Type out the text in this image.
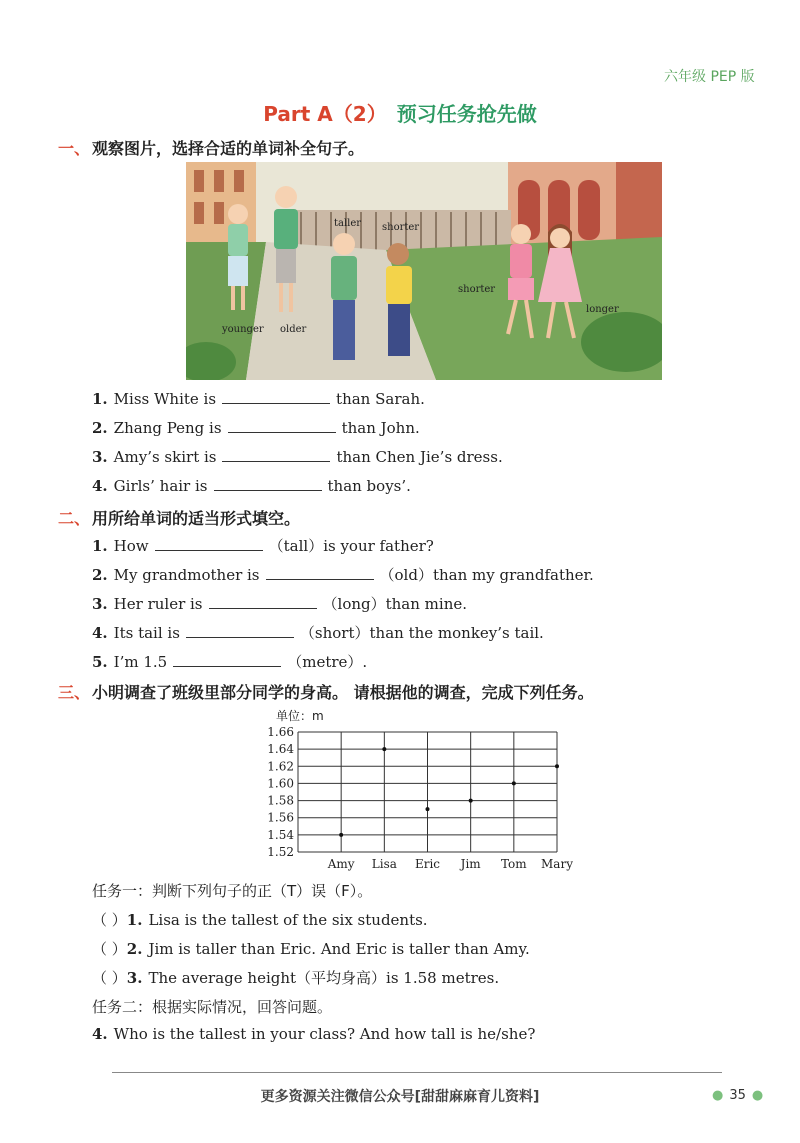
六年级 PEP 版
Part A（2） 预习任务抢先做
一、 观察图片，选择合适的单词补全句子。
taller shorter
shorter
longer
younger older
1. Miss White is	than Sarah.
2. Zhang Peng is	than John.
3. Amy’s skirt is	than Chen Jie’s dress.
4. Girls’ hair is	than boys’.
二、 用所给单词的适当形式填空。
1. How	（tall）is your father?
2. My grandmother is	（old）than my grandfather.
3. Her ruler is	（long）than mine.
4. Its tail is	（short）than the monkey’s tail.
5. I’m 1.5	（metre）.
三、 小明调查了班级里部分同学的身高。 请根据他的调查，完成下列任务。
单位：m
1.52
1.54
1.56
1.58
1.60
1.62
1.64
1.66
Amy Lisa Eric Jim Tom Mary
任务一：判断下列句子的正（T）误（F）。
（ ）1. Lisa is the tallest of the six students.
（ ）2. Jim is taller than Eric. And Eric is taller than Amy.
（ ）3. The average height（平均身高）is 1.58 metres.
任务二：根据实际情况，回答问题。
4. Who is the tallest in your class? And how tall is he/she?
更多资源关注微信公众号[甜甜麻麻育儿资料]	● 35 ●
